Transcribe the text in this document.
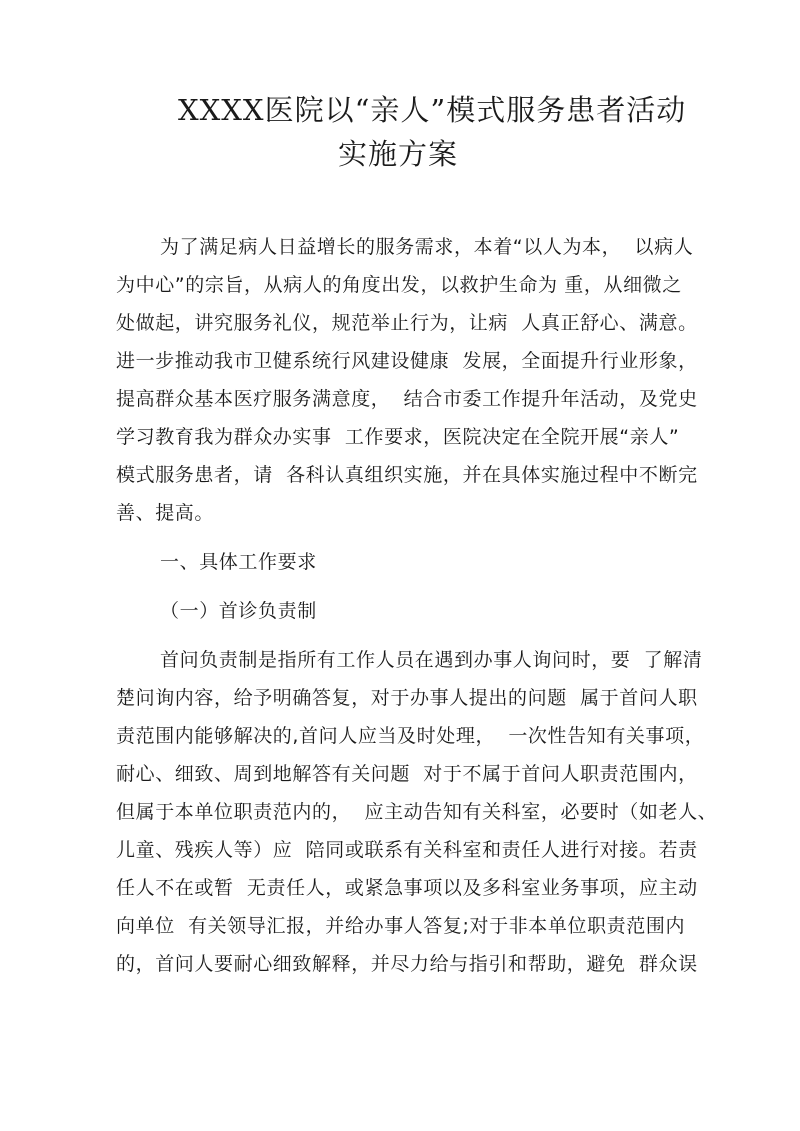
XXXX医院以“亲人”模式服务患者活动
实施方案
为了满足病人日益增长的服务需求，本着“以人为本，  以病人
为中心”的宗旨，从病人的角度出发，以救护生命为 重，从细微之
处做起，讲究服务礼仪，规范举止行为，让病  人真正舒心、满意。
进一步推动我市卫健系统行风建设健康  发展，全面提升行业形象，
提高群众基本医疗服务满意度，  结合市委工作提升年活动，及党史
学习教育我为群众办实事  工作要求，医院决定在全院开展“亲人”
模式服务患者，请  各科认真组织实施，并在具体实施过程中不断完
善、提高。
一、具体工作要求
（一）首诊负责制
首问负责制是指所有工作人员在遇到办事人询问时，要  了解清
楚问询内容，给予明确答复，对于办事人提出的问题  属于首问人职
责范围内能够解决的,首问人应当及时处理，  一次性告知有关事项，
耐心、细致、周到地解答有关问题  对于不属于首问人职责范围内，
但属于本单位职责范内的，  应主动告知有关科室，必要时（如老人、
儿童、残疾人等）应  陪同或联系有关科室和责任人进行对接。若责
任人不在或暂  无责任人，或紧急事项以及多科室业务事项，应主动
向单位  有关领导汇报，并给办事人答复;对于非本单位职责范围内
的，首问人要耐心细致解释，并尽力给与指引和帮助，避免  群众误
